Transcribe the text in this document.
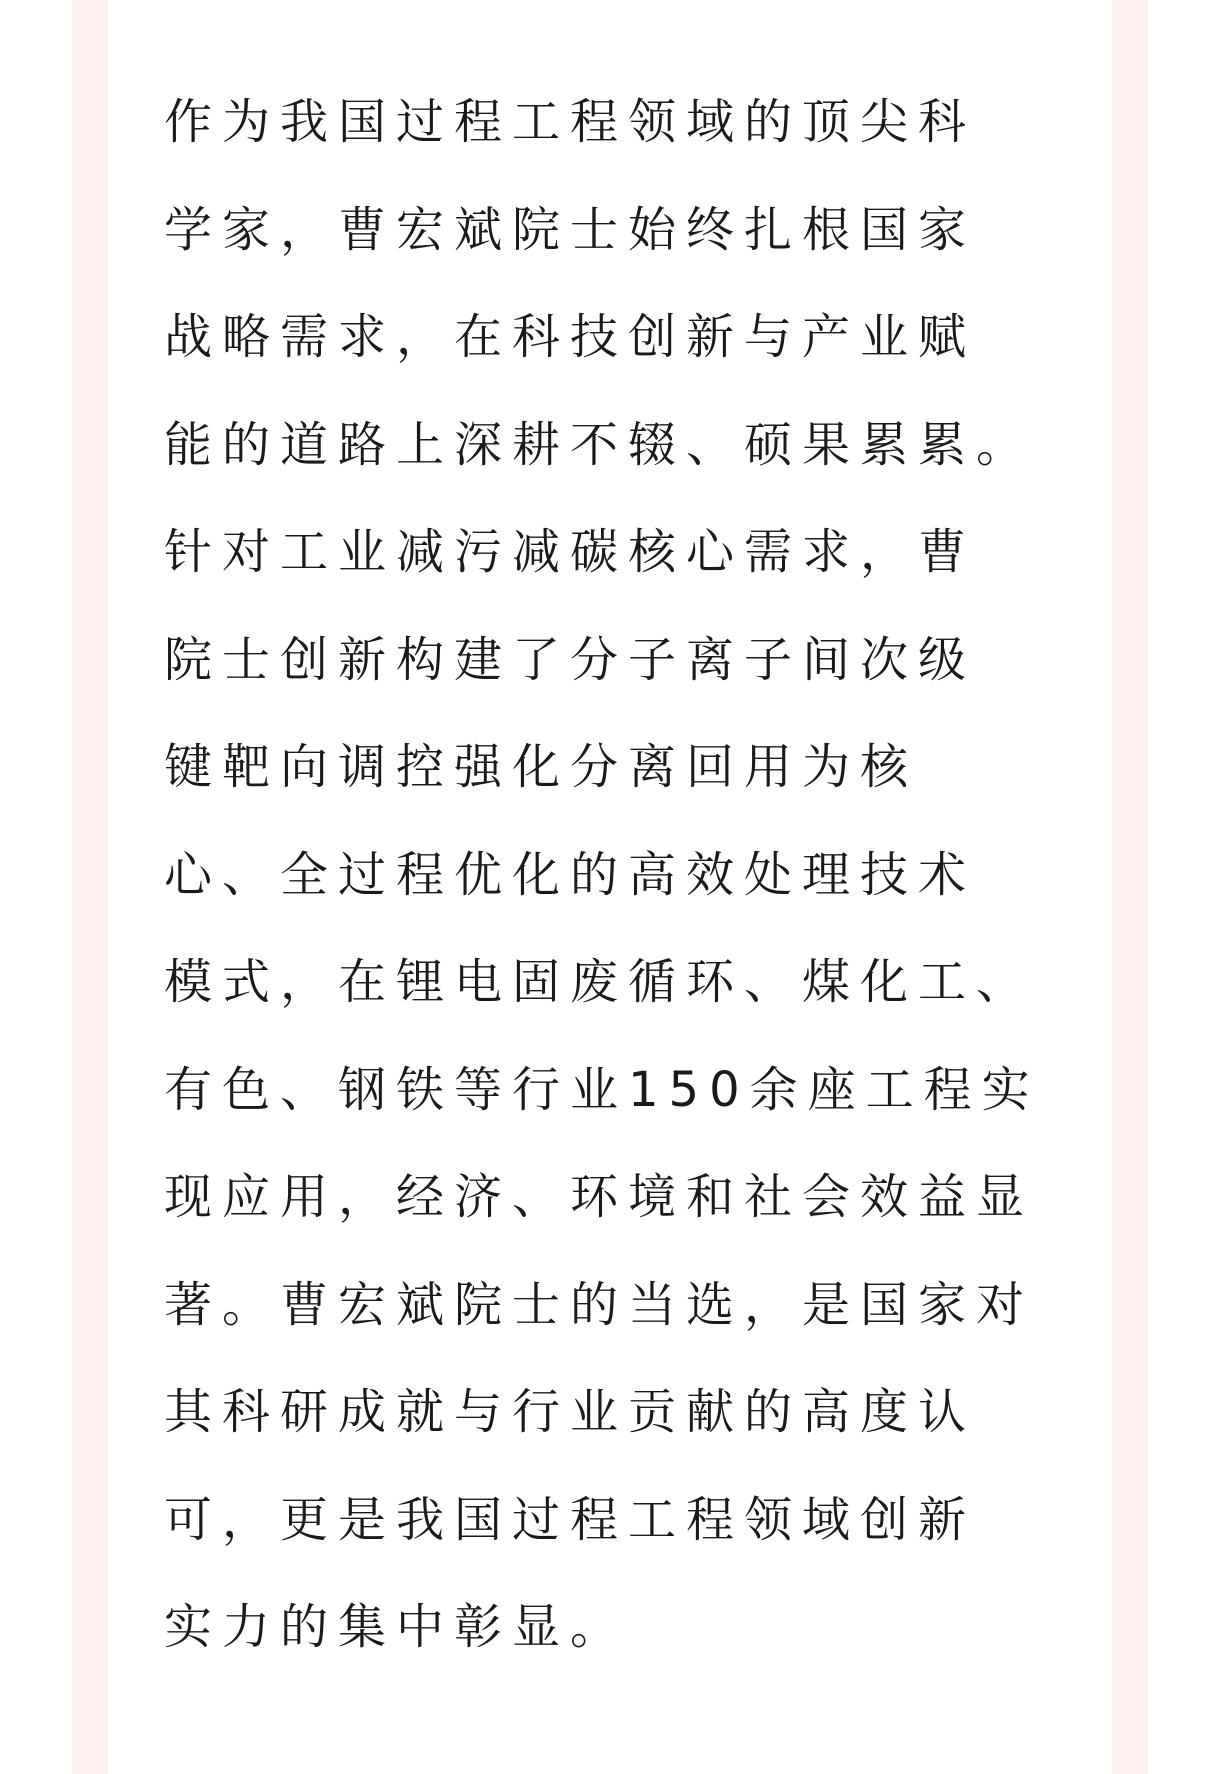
作为我国过程工程领域的顶尖科
学家，曹宏斌院士始终扎根国家
战略需求，在科技创新与产业赋
能的道路上深耕不辍、硕果累累。
针对工业减污减碳核心需求，曹
院士创新构建了分子离子间次级
键靶向调控强化分离回用为核
心、全过程优化的高效处理技术
模式，在锂电固废循环、煤化工、
有色、钢铁等行业150余座工程实
现应用，经济、环境和社会效益显
著。曹宏斌院士的当选，是国家对
其科研成就与行业贡献的高度认
可，更是我国过程工程领域创新
实力的集中彰显。
